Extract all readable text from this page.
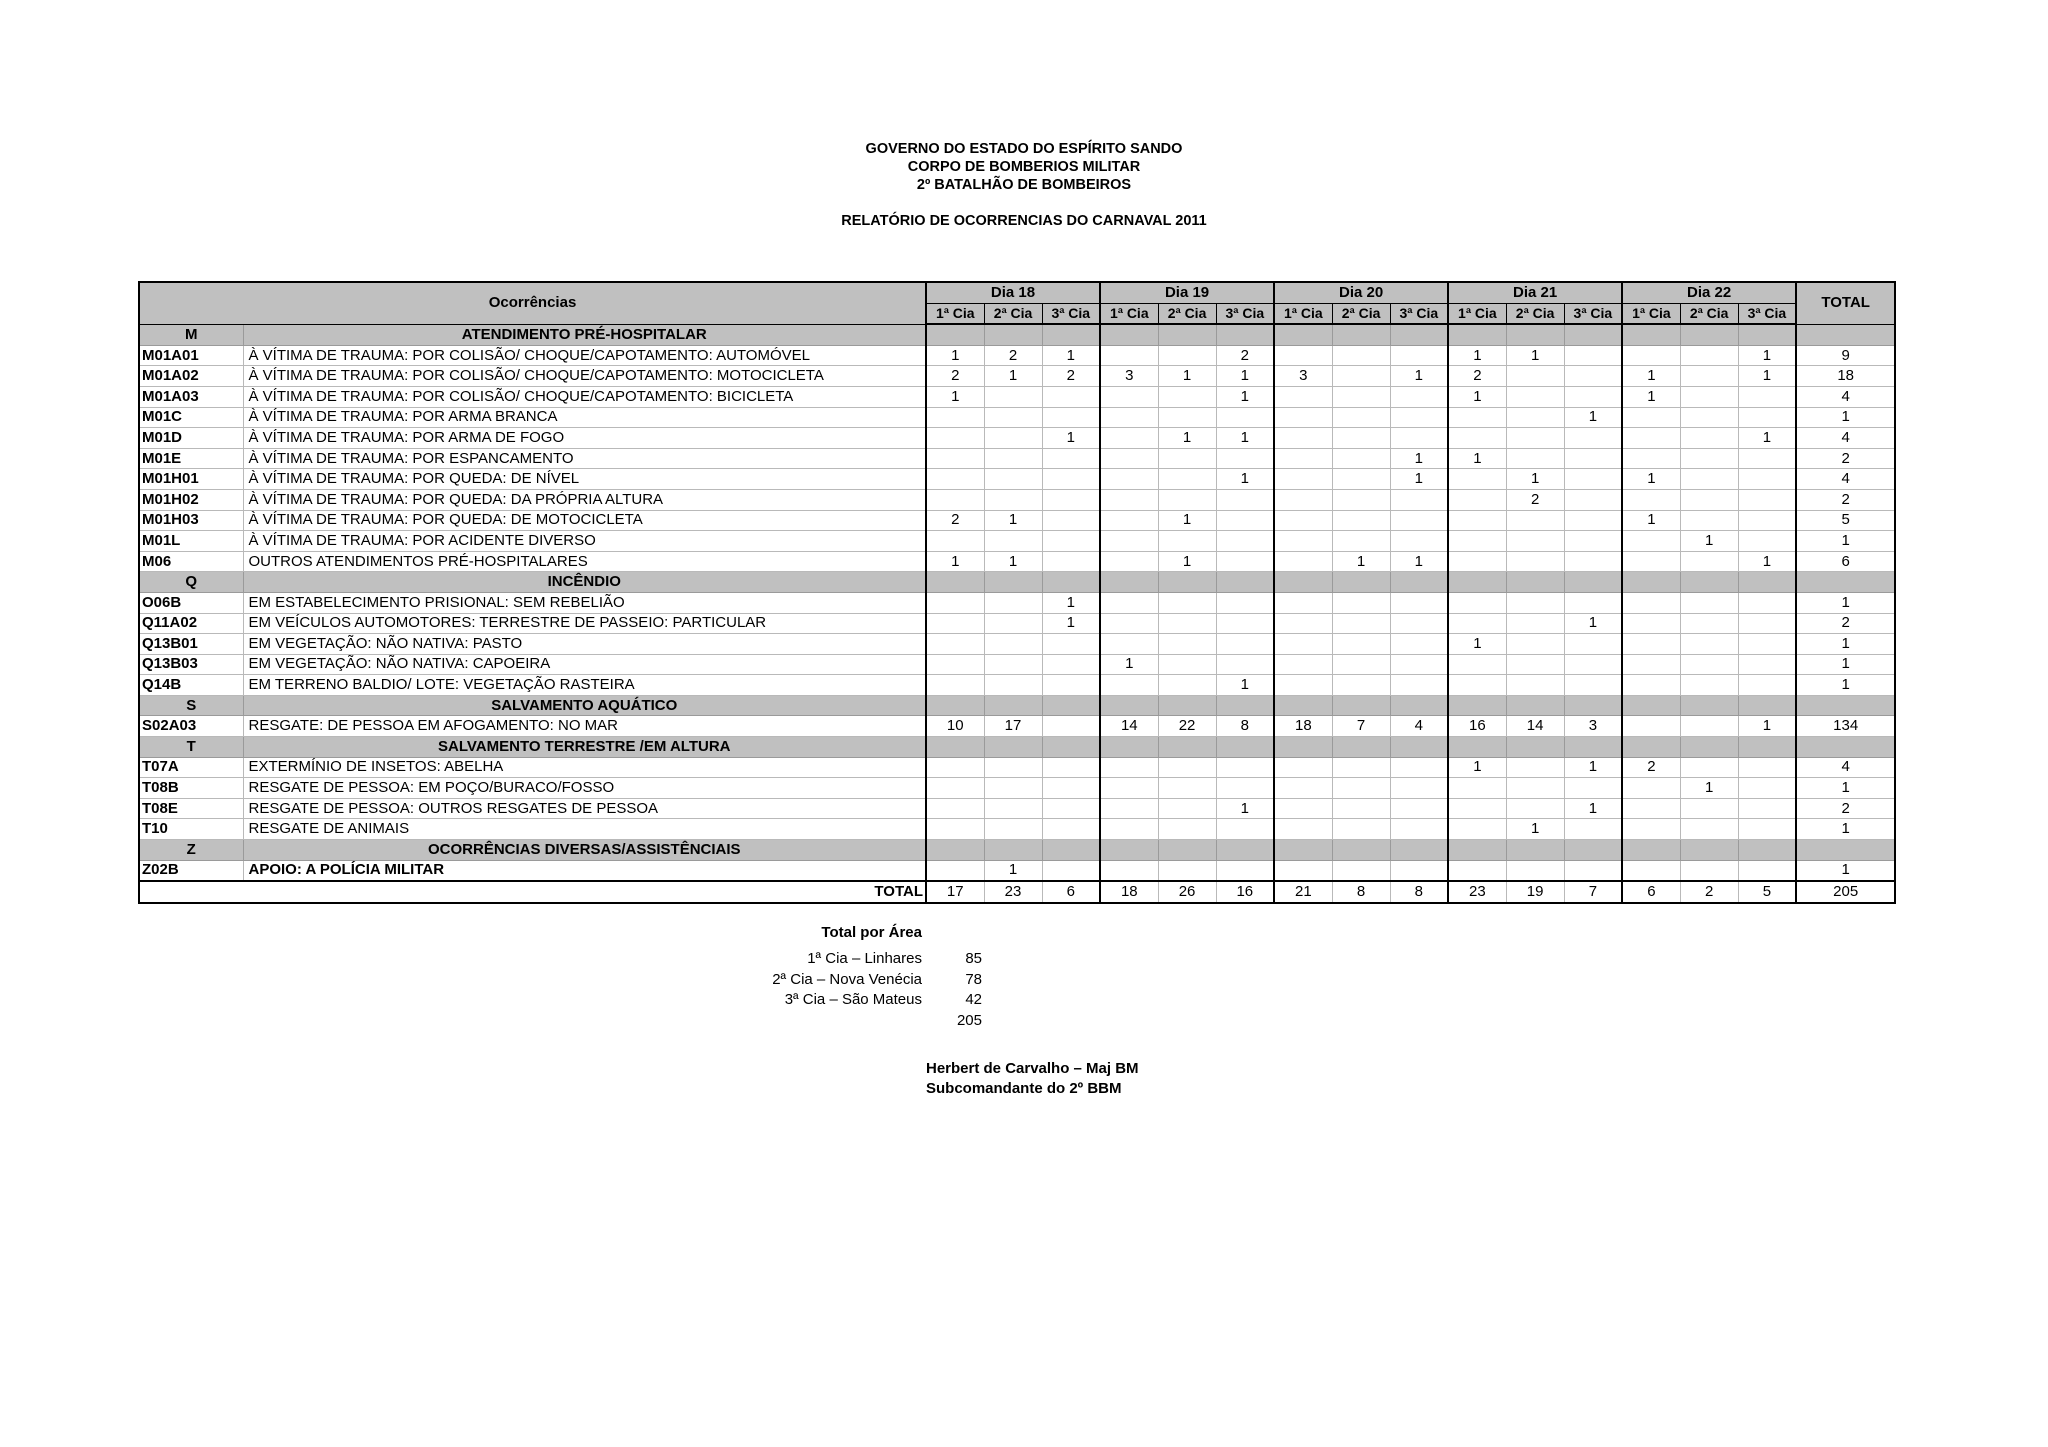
GOVERNO DO ESTADO DO ESPÍRITO SANDO
CORPO DE BOMBERIOS MILITAR
2º BATALHÃO DE BOMBEIROS
RELATÓRIO DE OCORRENCIAS DO CARNAVAL 2011
Ocorrências		Dia 18			Dia 19			Dia 20			Dia 21			Dia 22			TOTAL
		1ª Cia	2ª Cia	3ª Cia	1ª Cia	2ª Cia	3ª Cia	1ª Cia	2ª Cia	3ª Cia	1ª Cia	2ª Cia	3ª Cia	1ª Cia	2ª Cia	3ª Cia	
M	ATENDIMENTO PRÉ-HOSPITALAR																
M01A01	À VÍTIMA DE TRAUMA: POR COLISÃO/ CHOQUE/CAPOTAMENTO: AUTOMÓVEL	1	2	1			2				1	1				1	9
M01A02	À VÍTIMA DE TRAUMA: POR COLISÃO/ CHOQUE/CAPOTAMENTO: MOTOCICLETA	2	1	2	3	1	1	3		1	2			1		1	18
M01A03	À VÍTIMA DE TRAUMA: POR COLISÃO/ CHOQUE/CAPOTAMENTO: BICICLETA	1					1				1			1			4
M01C	À VÍTIMA DE TRAUMA: POR ARMA BRANCA												1				1
M01D	À VÍTIMA DE TRAUMA: POR ARMA DE FOGO			1		1	1									1	4
M01E	À VÍTIMA DE TRAUMA: POR ESPANCAMENTO									1	1						2
M01H01	À VÍTIMA DE TRAUMA: POR QUEDA: DE NÍVEL						1			1		1		1			4
M01H02	À VÍTIMA DE TRAUMA: POR QUEDA: DA PRÓPRIA ALTURA											2					2
M01H03	À VÍTIMA DE TRAUMA: POR QUEDA: DE MOTOCICLETA	2	1			1								1			5
M01L	À VÍTIMA DE TRAUMA: POR ACIDENTE DIVERSO														1		1
M06	OUTROS ATENDIMENTOS PRÉ-HOSPITALARES	1	1			1			1	1						1	6
Q	INCÊNDIO																
O06B	EM ESTABELECIMENTO PRISIONAL: SEM REBELIÃO			1													1
Q11A02	EM VEÍCULOS AUTOMOTORES: TERRESTRE DE PASSEIO: PARTICULAR			1									1				2
Q13B01	EM VEGETAÇÃO: NÃO NATIVA: PASTO										1						1
Q13B03	EM VEGETAÇÃO: NÃO NATIVA: CAPOEIRA				1												1
Q14B	EM TERRENO BALDIO/ LOTE: VEGETAÇÃO RASTEIRA						1										1
S	SALVAMENTO AQUÁTICO																
S02A03	RESGATE: DE PESSOA EM AFOGAMENTO: NO MAR	10	17		14	22	8	18	7	4	16	14	3			1	134
T	SALVAMENTO TERRESTRE /EM ALTURA																
T07A	EXTERMÍNIO DE INSETOS: ABELHA										1		1	2			4
T08B	RESGATE DE PESSOA: EM POÇO/BURACO/FOSSO														1		1
T08E	RESGATE DE PESSOA: OUTROS RESGATES DE PESSOA						1						1				2
T10	RESGATE DE ANIMAIS											1					1
Z	OCORRÊNCIAS DIVERSAS/ASSISTÊNCIAIS																
Z02B	APOIO: A POLÍCIA MILITAR		1														1
TOTAL		17	23	6	18	26	16	21	8	8	23	19	7	6	2	5	205
Total por Área
1ª Cia – Linhares	85
2ª Cia – Nova Venécia	78
3ª Cia – São Mateus	42
	205
Herbert de Carvalho – Maj BM
Subcomandante do 2º BBM
